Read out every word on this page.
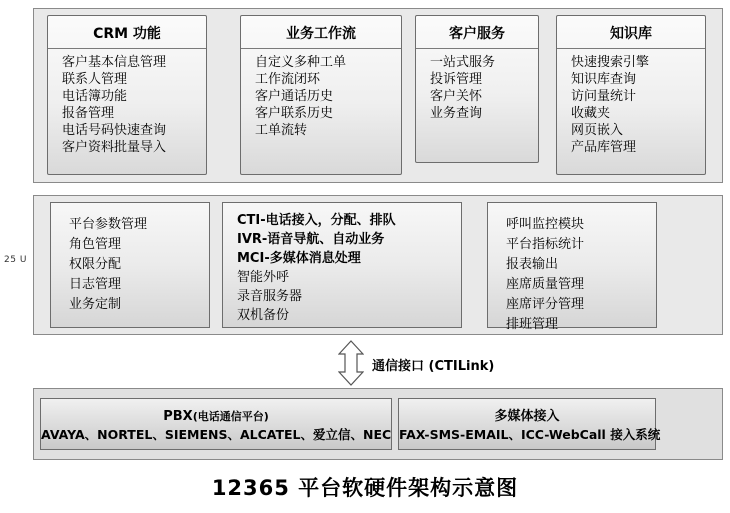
25 U
CRM 功能
客户基本信息管理
联系人管理
电话簿功能
报备管理
电话号码快速查询
客户资料批量导入
业务工作流
自定义多种工单
工作流闭环
客户通话历史
客户联系历史
工单流转
客户服务
一站式服务
投诉管理
客户关怀
业务查询
知识库
快速搜索引擎
知识库查询
访问量统计
收藏夹
网页嵌入
产品库管理
平台参数管理
角色管理
权限分配
日志管理
业务定制
CTI-电话接入，分配、排队
IVR-语音导航、自动业务
MCI-多媒体消息处理
智能外呼
录音服务器
双机备份
呼叫监控模块
平台指标统计
报表输出
座席质量管理
座席评分管理
排班管理
通信接口 (CTILink)
PBX(电话通信平台)
AVAYA、NORTEL、SIEMENS、ALCATEL、爱立信、NEC
多媒体接入
FAX-SMS-EMAIL、ICC-WebCall 接入系统
12365 平台软硬件架构示意图
